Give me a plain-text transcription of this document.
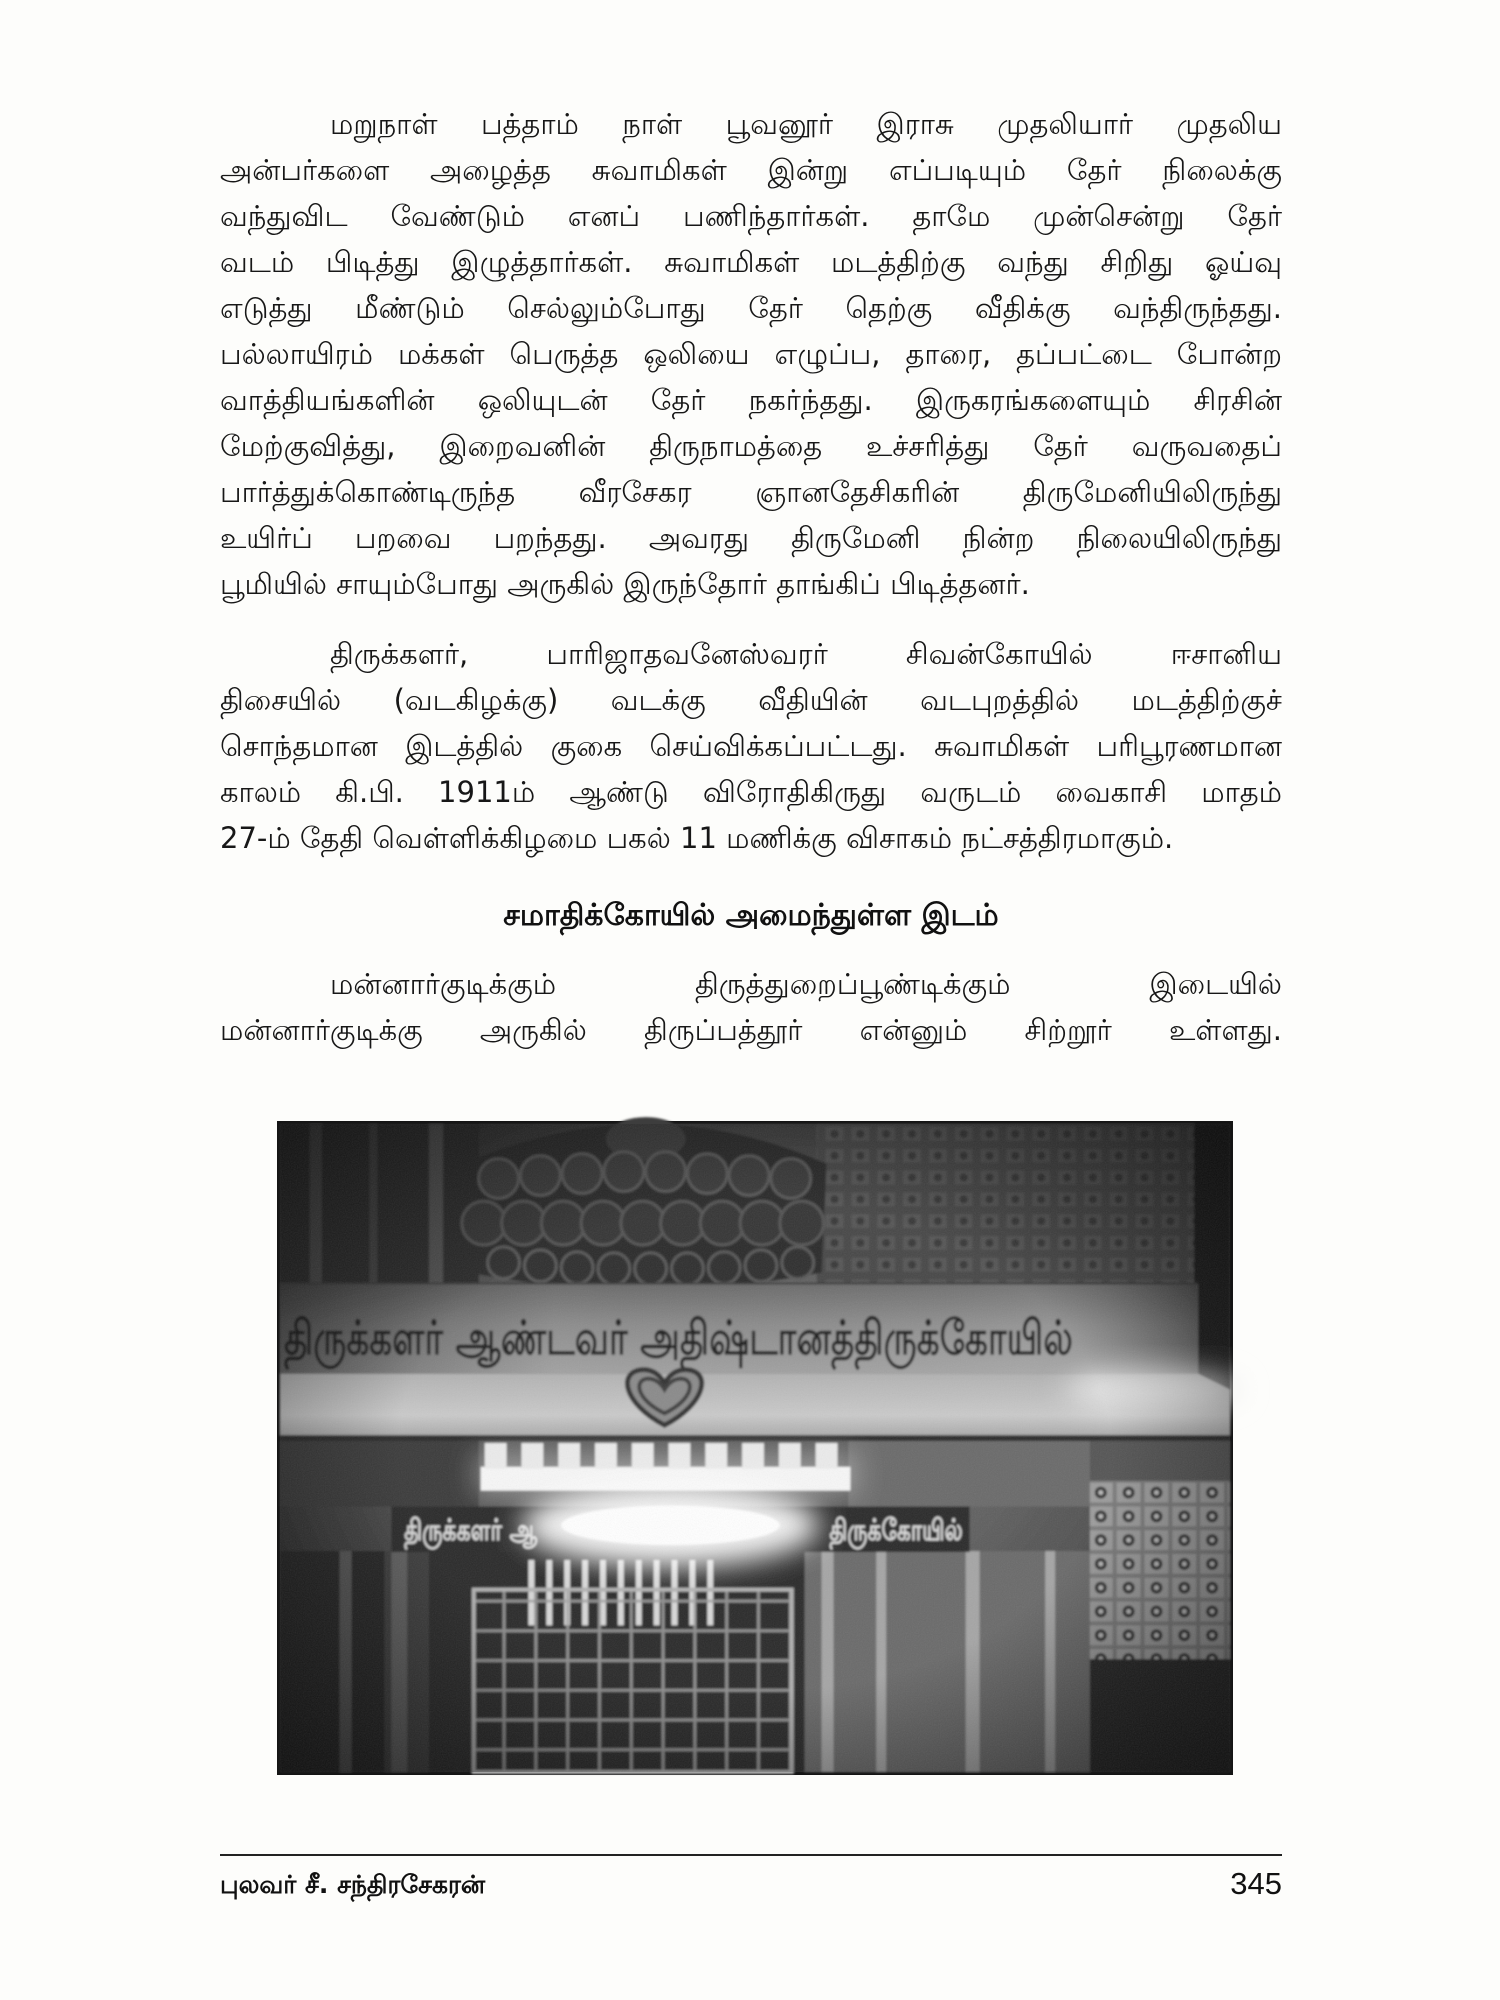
மறுநாள் பத்தாம் நாள் பூவனூர் இராசு முதலியார் முதலிய
அன்பர்களை அழைத்த சுவாமிகள் இன்று எப்படியும் தேர் நிலைக்கு
வந்துவிட வேண்டும் எனப் பணிந்தார்கள். தாமே முன்சென்று தேர்
வடம் பிடித்து இழுத்தார்கள். சுவாமிகள் மடத்திற்கு வந்து சிறிது ஓய்வு
எடுத்து மீண்டும் செல்லும்போது தேர் தெற்கு வீதிக்கு வந்திருந்தது.
பல்லாயிரம் மக்கள் பெருத்த ஒலியை எழுப்ப, தாரை, தப்பட்டை போன்ற
வாத்தியங்களின் ஒலியுடன் தேர் நகர்ந்தது. இருகரங்களையும் சிரசின்
மேற்குவித்து, இறைவனின் திருநாமத்தை உச்சரித்து தேர் வருவதைப்
பார்த்துக்கொண்டிருந்த வீரசேகர ஞானதேசிகரின் திருமேனியிலிருந்து
உயிர்ப் பறவை பறந்தது. அவரது திருமேனி நின்ற நிலையிலிருந்து
பூமியில் சாயும்போது அருகில் இருந்தோர் தாங்கிப் பிடித்தனர்.
திருக்களர், பாரிஜாதவனேஸ்வரர் சிவன்கோயில் ஈசானிய
திசையில் (வடகிழக்கு) வடக்கு வீதியின் வடபுறத்தில் மடத்திற்குச்
சொந்தமான இடத்தில் குகை செய்விக்கப்பட்டது. சுவாமிகள் பரிபூரணமான
காலம் கி.பி. 1911ம் ஆண்டு விரோதிகிருது வருடம் வைகாசி மாதம்
27-ம் தேதி வெள்ளிக்கிழமை பகல் 11 மணிக்கு விசாகம் நட்சத்திரமாகும்.
சமாதிக்கோயில் அமைந்துள்ள இடம்
மன்னார்குடிக்கும் திருத்துறைப்பூண்டிக்கும் இடையில்
மன்னார்குடிக்கு அருகில் திருப்பத்தூர் என்னும் சிற்றூர் உள்ளது.
புலவர் சீ. சந்திரசேகரன்	345
